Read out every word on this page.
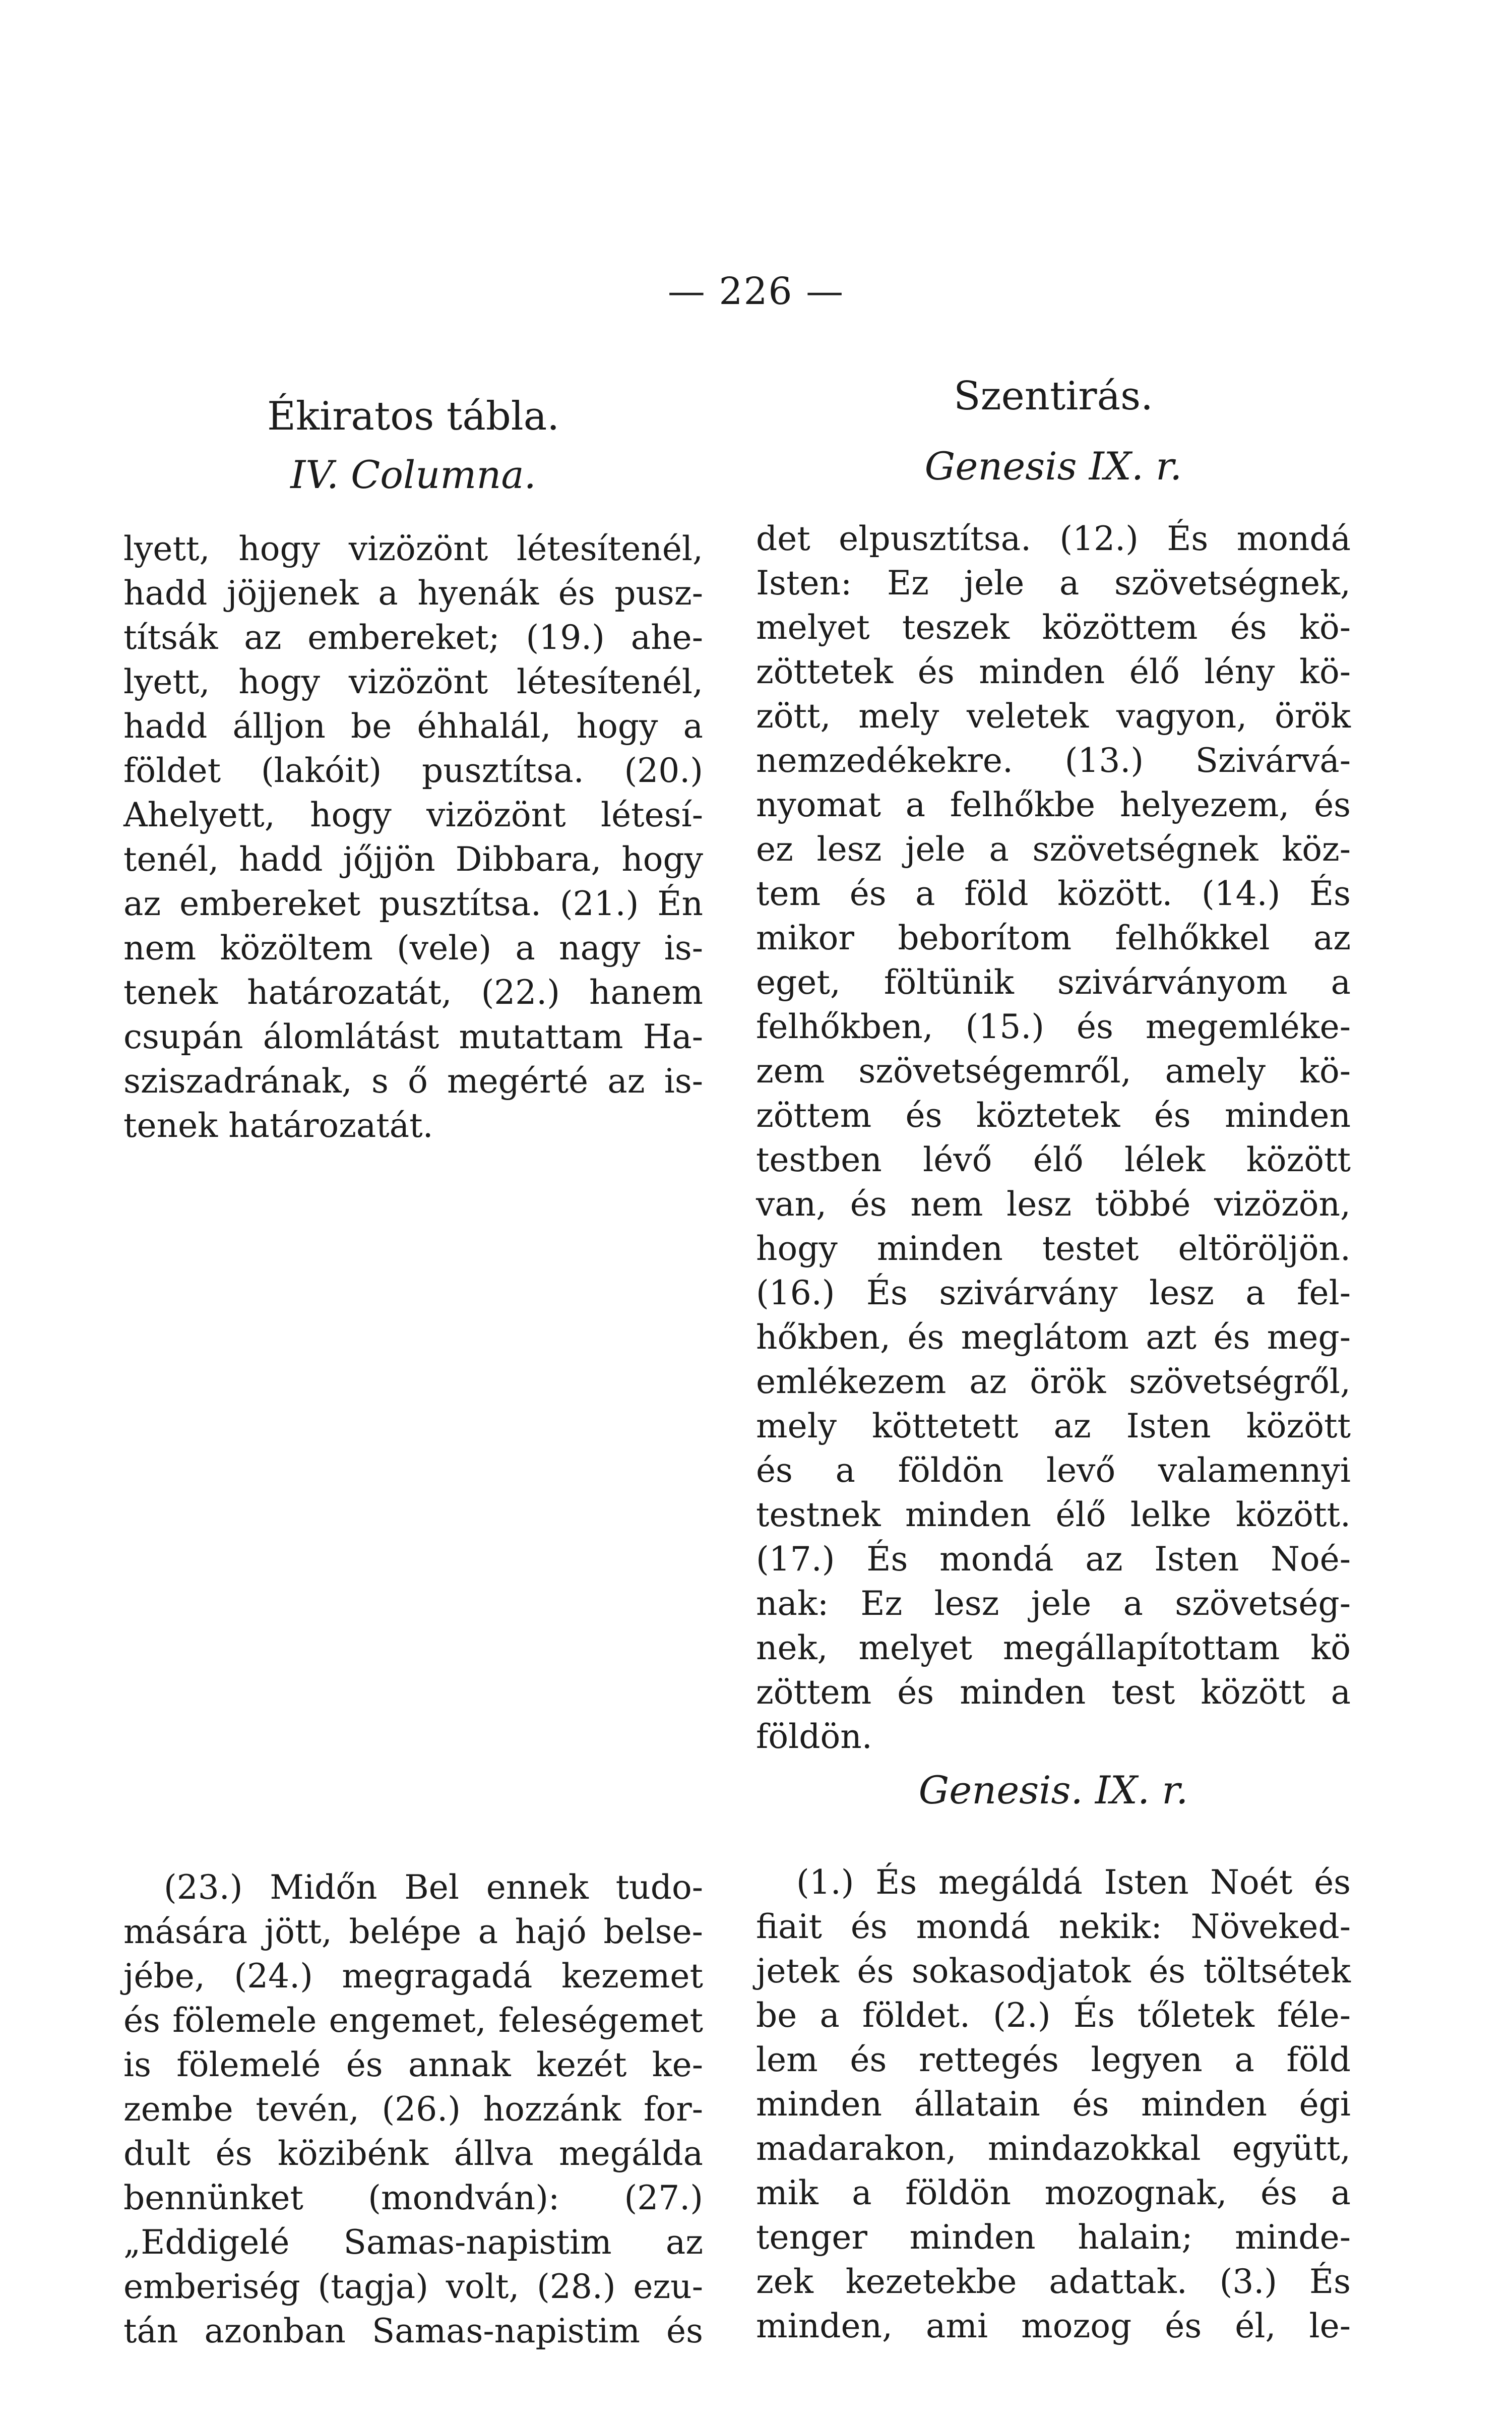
— 226 —
Ékiratos tábla.
IV. Columna.
lyett, hogy vizözönt létesítenél,
hadd jöjjenek a hyenák és pusz-
títsák az embereket; (19.) ahe-
lyett, hogy vizözönt létesítenél,
hadd álljon be éhhalál, hogy a
földet (lakóit) pusztítsa. (20.)
Ahelyett, hogy vizözönt létesí-
tenél, hadd jőjjön Dibbara, hogy
az embereket pusztítsa. (21.) Én
nem közöltem (vele) a nagy is-
tenek határozatát, (22.) hanem
csupán álomlátást mutattam Ha-
sziszadrának, s ő megérté az is-
tenek határozatát.
(23.) Midőn Bel ennek tudo-
mására jött, belépe a hajó belse-
jébe, (24.) megragadá kezemet
és fölemele engemet, feleségemet
is fölemelé és annak kezét ke-
zembe tevén, (26.) hozzánk for-
dult és közibénk állva megálda
bennünket (mondván): (27.)
„Eddigelé Samas-napistim az
emberiség (tagja) volt, (28.) ezu-
tán azonban Samas-napistim és
Szentirás.
Genesis IX. r.
det elpusztítsa. (12.) És mondá
Isten: Ez jele a szövetségnek,
melyet teszek közöttem és kö-
zöttetek és minden élő lény kö-
zött, mely veletek vagyon, örök
nemzedékekre. (13.) Szivárvá-
nyomat a felhőkbe helyezem, és
ez lesz jele a szövetségnek köz-
tem és a föld között. (14.) És
mikor beborítom felhőkkel az
eget, föltünik szivárványom a
felhőkben, (15.) és megemléke-
zem szövetségemről, amely kö-
zöttem és köztetek és minden
testben lévő élő lélek között
van, és nem lesz többé vizözön,
hogy minden testet eltöröljön.
(16.) És szivárvány lesz a fel-
hőkben, és meglátom azt és meg-
emlékezem az örök szövetségről,
mely köttetett az Isten között
és a földön levő valamennyi
testnek minden élő lelke között.
(17.) És mondá az Isten Noé-
nak: Ez lesz jele a szövetség-
nek, melyet megállapítottam kö
zöttem és minden test között a
földön.
Genesis. IX. r.
(1.) És megáldá Isten Noét és
fiait és mondá nekik: Növeked-
jetek és sokasodjatok és töltsétek
be a földet. (2.) És tőletek féle-
lem és rettegés legyen a föld
minden állatain és minden égi
madarakon, mindazokkal együtt,
mik a földön mozognak, és a
tenger minden halain; minde-
zek kezetekbe adattak. (3.) És
minden, ami mozog és él, le-
